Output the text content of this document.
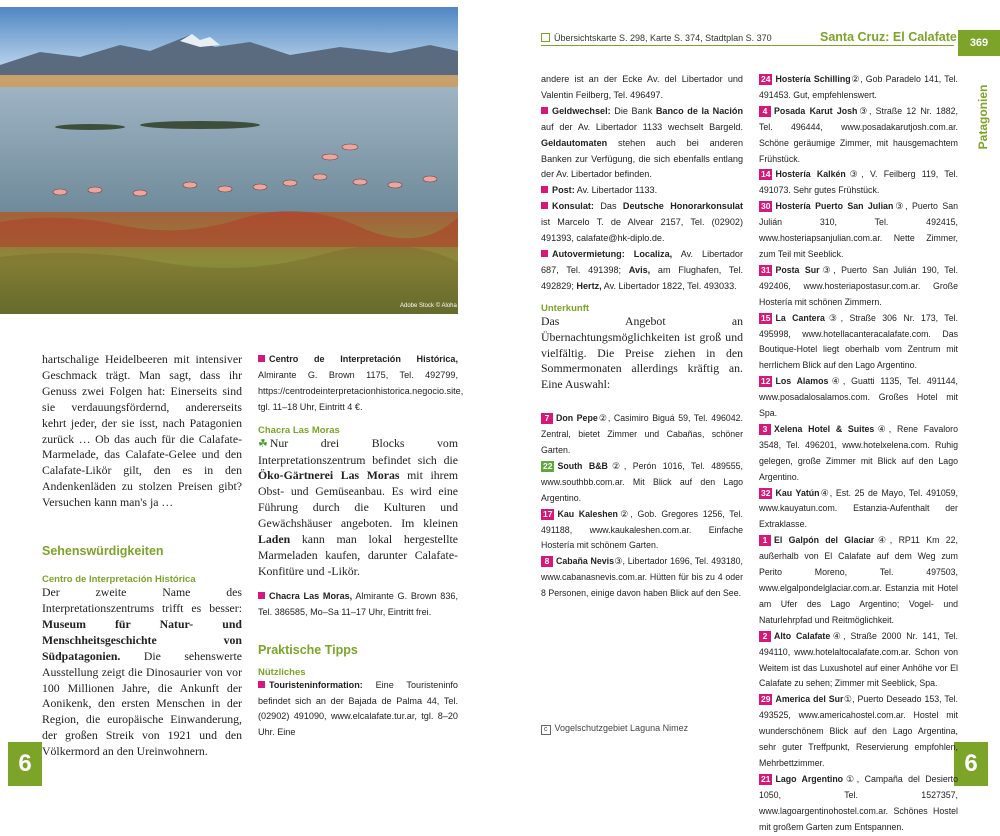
Adobe Stock © Aloha
Übersichtskarte S. 298, Karte S. 374, Stadtplan S. 370	Santa Cruz: El Calafate	369
Patagonien
6	6

hartschalige Heidelbeeren mit intensiver Geschmack trägt. Man sagt, dass ihr Genuss zwei Folgen hat: Einerseits sind sie verdauungsfördernd, andererseits kehrt jeder, der sie isst, nach Patagonien zurück … Ob das auch für die Calafate-Marmelade, das Calafate-Gelee und den Calafate-Likör gilt, den es in den Andenkenläden zu stolzen Preisen gibt? Versuchen kann man's ja …

Sehenswürdigkeiten
Centro de Interpretación Histórica

Der zweite Name des Interpretationszentrums trifft es besser: Museum für Natur- und Menschheitsgeschichte von Südpatagonien. Die sehenswerte Ausstellung zeigt die Dinosaurier von vor 100 Millionen Jahre, die Ankunft der Aonikenk, den ersten Menschen in der Region, die europäische Einwanderung, der großen Streik von 1921 und den Völkermord an den Ureinwohnern.

Centro de Interpretación Histórica, Almirante G. Brown 1175, Tel. 492799, https://centrodeinterpretacionhistorica.negocio.site, tgl. 11–18 Uhr, Eintritt 4 €.

Chacra Las Moras

☘ Nur drei Blocks vom Interpretationszentrum befindet sich die Öko-Gärtnerei Las Moras mit ihrem Obst- und Gemüseanbau. Es wird eine Führung durch die Kulturen und Gewächshäuser angeboten. Im kleinen Laden kann man lokal hergestellte Marmeladen kaufen, darunter Calafate-Konfitüre und -Likör.

Chacra Las Moras, Almirante G. Brown 836, Tel. 386585, Mo–Sa 11–17 Uhr, Eintritt frei.

Praktische Tipps
Nützliches

Touristeninformation: Eine Touristeninfo befindet sich an der Bajada de Palma 44, Tel. (02902) 491090, www.elcalafate.tur.ar, tgl. 8–20 Uhr. Eine

andere ist an der Ecke Av. del Libertador und Valentin Feilberg, Tel. 496497.

Geldwechsel: Die Bank Banco de la Nación auf der Av. Libertador 1133 wechselt Bargeld. Geldautomaten stehen auch bei anderen Banken zur Verfügung, die sich ebenfalls entlang der Av. Libertador befinden.

Post: Av. Libertador 1133.

Konsulat: Das Deutsche Honorarkonsulat ist Marcelo T. de Alvear 2157, Tel. (02902) 491393, calafate@hk-diplo.de.

Autovermietung: Localiza, Av. Libertador 687, Tel. 491398; Avis, am Flughafen, Tel. 492829; Hertz, Av. Libertador 1822, Tel. 493033.

Unterkunft

Das Angebot an Übernachtungsmöglichkeiten ist groß und vielfältig. Die Preise ziehen in den Sommermonaten allerdings kräftig an. Eine Auswahl:

7 Don Pepe②, Casimiro Biguá 59, Tel. 496042. Zentral, bietet Zimmer und Cabañas, schöner Garten.

22 South B&B②, Perón 1016, Tel. 489555, www.southbb.com.ar. Mit Blick auf den Lago Argentino.

17 Kau Kaleshen②, Gob. Gregores 1256, Tel. 491188, www.kaukaleshen.com.ar. Einfache Hostería mit schönem Garten.

8 Cabaña Nevis③, Libertador 1696, Tel. 493180, www.cabanasnevis.com.ar. Hütten für bis zu 4 oder 8 Personen, einige davon haben Blick auf den See.

c Vogelschutzgebiet Laguna Nimez

24 Hostería Schilling②, Gob Paradelo 141, Tel. 491453. Gut, empfehlenswert.

4 Posada Karut Josh③, Straße 12 Nr. 1882, Tel. 496444, www.posadakarutjosh.com.ar. Schöne geräumige Zimmer, mit hausgemachtem Frühstück.

14 Hostería Kalkén③, V. Feilberg 119, Tel. 491073. Sehr gutes Frühstück.

30 Hostería Puerto San Julian③, Puerto San Julián 310, Tel. 492415, www.hosteriapsanjulian.com.ar. Nette Zimmer, zum Teil mit Seeblick.

31 Posta Sur③, Puerto San Julián 190, Tel. 492406, www.hosteriapostasur.com.ar. Große Hostería mit schönen Zimmern.

15 La Cantera③, Straße 306 Nr. 173, Tel. 495998, www.hotellacanteracalafate.com. Das Boutique-Hotel liegt oberhalb vom Zentrum mit herrlichem Blick auf den Lago Argentino.

12 Los Alamos④, Guatti 1135, Tel. 491144, www.posadalosalamos.com. Großes Hotel mit Spa.

3 Xelena Hotel & Suites④, Rene Favaloro 3548, Tel. 496201, www.hotelxelena.com. Ruhig gelegen, große Zimmer mit Blick auf den Lago Argentino.

32 Kau Yatún④, Est. 25 de Mayo, Tel. 491059, www.kauyatun.com. Estanzia-Aufenthalt der Extraklasse.

1 El Galpón del Glaciar④, RP11 Km 22, außerhalb von El Calafate auf dem Weg zum Perito Moreno, Tel. 497503, www.elgalpondelglaciar.com.ar. Estanzia mit Hotel am Ufer des Lago Argentino; Vogel- und Naturlehrpfad und Reitmöglichkeit.

2 Alto Calafate④, Straße 2000 Nr. 141, Tel. 494110, www.hotelaltocalafate.com.ar. Schon von Weitem ist das Luxushotel auf einer Anhöhe vor El Calafate zu sehen; Zimmer mit Seeblick, Spa.

29 America del Sur①, Puerto Deseado 153, Tel. 493525, www.americahostel.com.ar. Hostel mit wunderschönem Blick auf den Lago Argentina, sehr guter Treffpunkt, Reservierung empfohlen, Mehrbettzimmer.

21 Lago Argentino①, Campaña del Desierto 1050, Tel. 1527357, www.lagoargentinohostel.com.ar. Schönes Hostel mit großem Garten zum Entspannen.
